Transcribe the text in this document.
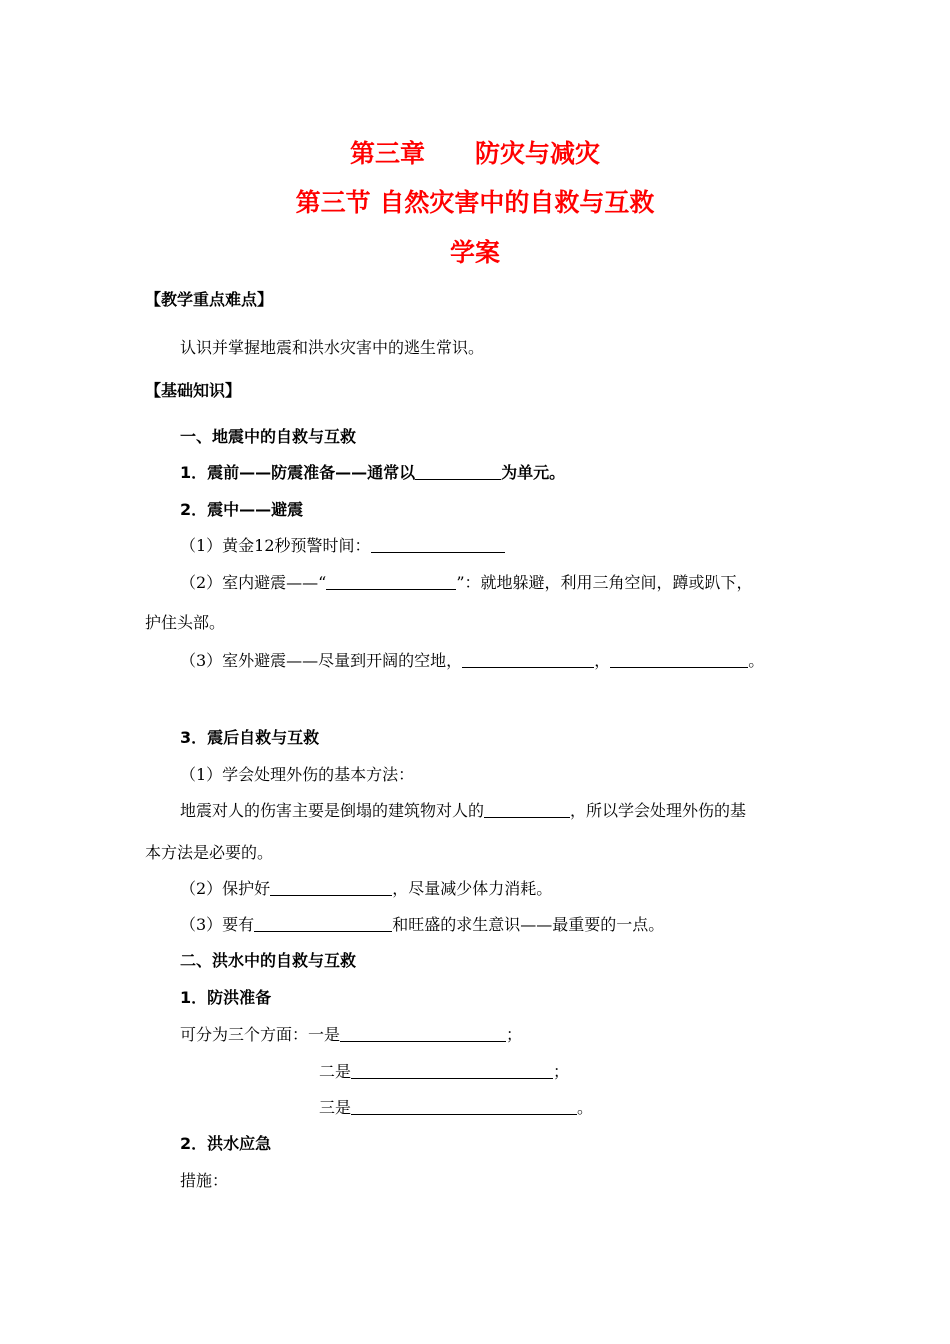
第三章　　防灾与减灾
第三节 自然灾害中的自救与互救
学案
【教学重点难点】
认识并掌握地震和洪水灾害中的逃生常识。
【基础知识】
一、地震中的自救与互救
1．震前——防震准备——通常以	为单元。
2．震中——避震
（1）黄金12秒预警时间：
（2）室内避震——“	”：就地躲避，利用三角空间，蹲或趴下，
护住头部。
（3）室外避震——尽量到开阔的空地，	，	。
3．震后自救与互救
（1）学会处理外伤的基本方法：
地震对人的伤害主要是倒塌的建筑物对人的	，所以学会处理外伤的基
本方法是必要的。
（2）保护好	，尽量减少体力消耗。
（3）要有	和旺盛的求生意识——最重要的一点。
二、洪水中的自救与互救
1．防洪准备
可分为三个方面：一是	；
二是	；
三是	。
2．洪水应急
措施：
